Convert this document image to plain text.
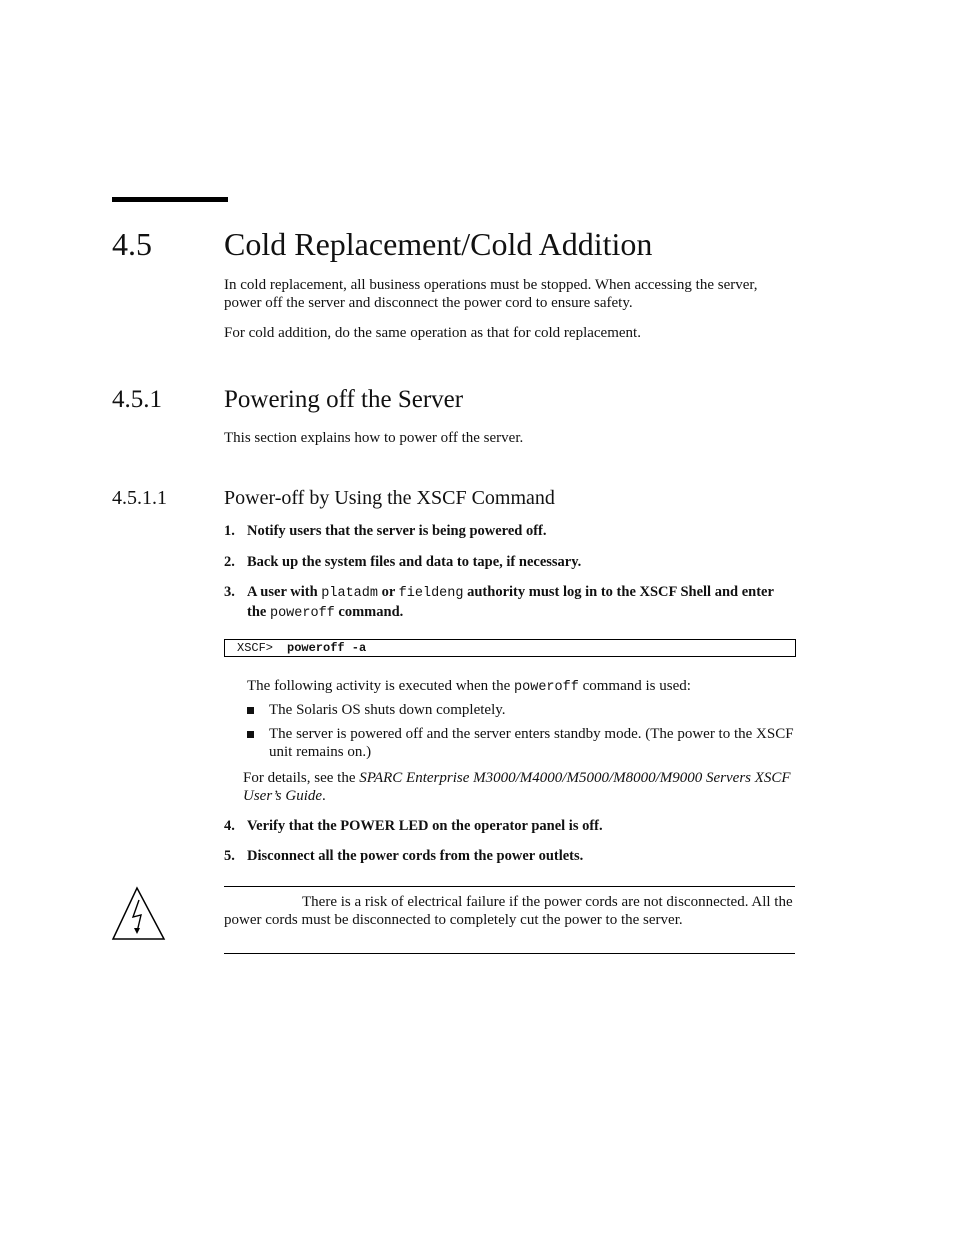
4.5 Cold Replacement/Cold Addition
In cold replacement, all business operations must be stopped. When accessing the server, power off the server and disconnect the power cord to ensure safety.
For cold addition, do the same operation as that for cold replacement.
4.5.1 Powering off the Server
This section explains how to power off the server.
4.5.1.1	Power-off by Using the XSCF Command
1. Notify users that the server is being powered off.
2. Back up the system files and data to tape, if necessary.
3. A user with platadm or fieldeng authority must log in to the XSCF Shell and enter the poweroff command.
XSCF> poweroff -a
The following activity is executed when the poweroff command is used:
The Solaris OS shuts down completely.
The server is powered off and the server enters standby mode. (The power to the XSCF unit remains on.)
For details, see the SPARC Enterprise M3000/M4000/M5000/M8000/M9000 Servers XSCF User’s Guide.
4. Verify that the POWER LED on the operator panel is off.
5. Disconnect all the power cords from the power outlets.
There is a risk of electrical failure if the power cords are not disconnected. All the power cords must be disconnected to completely cut the power to the server.
